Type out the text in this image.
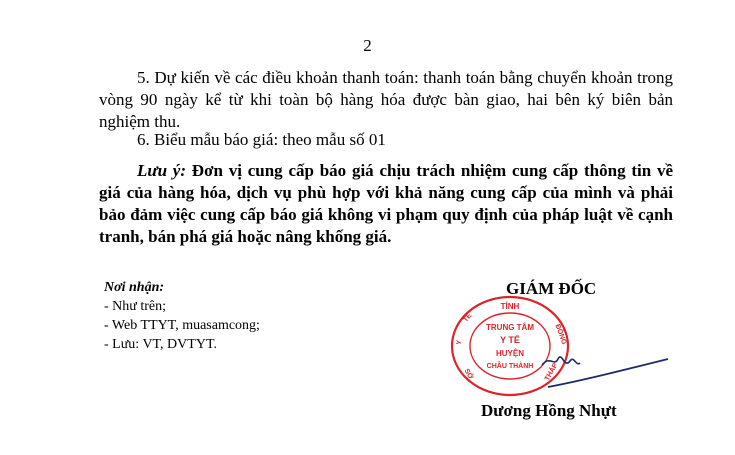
2
5. Dự kiến về các điều khoản thanh toán: thanh toán bằng chuyển khoản trong vòng 90 ngày kể từ khi toàn bộ hàng hóa được bàn giao, hai bên ký biên bản nghiệm thu.
6. Biểu mẫu báo giá: theo mẫu số 01
Lưu ý: Đơn vị cung cấp báo giá chịu trách nhiệm cung cấp thông tin về giá của hàng hóa, dịch vụ phù hợp với khả năng cung cấp của mình và phải bảo đảm việc cung cấp báo giá không vi phạm quy định của pháp luật về cạnh tranh, bán phá giá hoặc nâng khống giá.
Nơi nhận:
- Như trên;
- Web TTYT, muasamcong;
- Lưu: VT, DVTYT.
GIÁM ĐỐC
TỈNH
ĐỒNG
THÁP
SỞ
Y
TẾ
TRUNG TÂM
Y TẾ
HUYỆN
CHÂU THÀNH
Dương Hồng Nhựt
